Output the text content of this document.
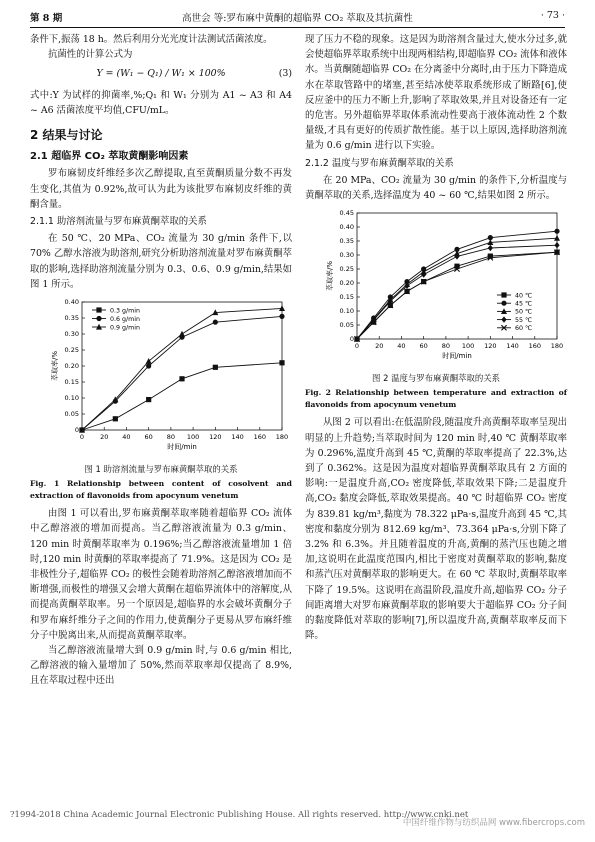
第 8 期	高世会 等:罗布麻中黄酮的超临界 CO₂ 萃取及其抗菌性	· 73 ·

条件下,振荡 18 h。然后利用分光光度计法测试活菌浓度。

抗菌性的计算公式为

Y = (W₁ − Q₁) / W₁ × 100%	(3)

式中:Y 为试样的抑菌率,%;Q₁ 和 W₁ 分别为 A1 ~ A3 和 A4 ~ A6 活菌浓度平均值,CFU/mL。

2 结果与讨论
2.1 超临界 CO₂ 萃取黄酮影响因素

罗布麻韧皮纤维经多次乙醇提取,直至黄酮质量分数不再发生变化,其值为 0.92%,故可认为此为该批罗布麻韧皮纤维的黄酮含量。

2.1.1 助溶剂流量与罗布麻黄酮萃取的关系

在 50 ℃、20 MPa、CO₂ 流量为 30 g/min 条件下,以 70% 乙醇水溶液为助溶剂,研究分析助溶剂流量对罗布麻黄酮萃取的影响,选择助溶剂流量分别为 0.3、0.6、0.9 g/min,结果如图 1 所示。

0 20 40 60 80 100 120 140 160 180
0
0.05
0.10
0.15
0.20
0.25
0.30
0.35
0.40
时间/min
萃取率/%
0.3 g/min
0.6 g/min
0.9 g/min
图 1 助溶剂流量与罗布麻黄酮萃取的关系
Fig. 1 Relationship between content of cosolvent and extraction of flavonoids from apocynum venetum

由图 1 可以看出,罗布麻黄酮萃取率随着超临界 CO₂ 流体中乙醇溶液的增加而提高。当乙醇溶液流量为 0.3 g/min、120 min 时黄酮萃取率为 0.196%;当乙醇溶液流量增加 1 倍时,120 min 时黄酮的萃取率提高了 71.9%。这是因为 CO₂ 是非极性分子,超临界 CO₂ 的极性会随着助溶剂乙醇溶液增加而不断增强,而极性的增强又会增大黄酮在超临界流体中的溶解度,从而提高黄酮萃取率。另一个原因是,超临界的水会破坏黄酮分子和罗布麻纤维分子之间的作用力,使黄酮分子更易从罗布麻纤维分子中脱离出来,从而提高黄酮萃取率。

当乙醇溶液流量增大到 0.9 g/min 时,与 0.6 g/min 相比,乙醇溶液的输入量增加了 50%,然而萃取率却仅提高了 8.9%,且在萃取过程中还出

现了压力不稳的现象。这是因为助溶剂含量过大,使水分过多,就会使超临界萃取系统中出现两相结构,即超临界 CO₂ 流体和液体水。当黄酮随超临界 CO₂ 在分离釜中分离时,由于压力下降造成水在萃取管路中的堵塞,甚至结冰使萃取系统形成了断路[6],使反应釜中的压力不断上升,影响了萃取效果,并且对设备还有一定的危害。另外超临界萃取体系流动性要高于液体流动性 2 个数量级,才具有更好的传质扩散性能。基于以上原因,选择助溶剂流量为 0.6 g/min 进行以下实验。

2.1.2 温度与罗布麻黄酮萃取的关系

在 20 MPa、CO₂ 流量为 30 g/min 的条件下,分析温度与黄酮萃取的关系,选择温度为 40 ~ 60 ℃,结果如图 2 所示。

0 20 40 60 80 100 120 140 160 180
0
0.05
0.10
0.15
0.20
0.25
0.30
0.35
0.40
0.45
时间/min
萃取率/%
40 ℃
45 ℃
50 ℃
55 ℃
60 ℃
图 2 温度与罗布麻黄酮萃取的关系
Fig. 2 Relationship between temperature and extraction of flavonoids from apocynum venetum

从图 2 可以看出:在低温阶段,随温度升高黄酮萃取率呈现出明显的上升趋势;当萃取时间为 120 min 时,40 ℃ 黄酮萃取率为 0.296%,温度升高到 45 ℃,黄酮的萃取率提高了 22.3%,达到了 0.362%。这是因为温度对超临界黄酮萃取具有 2 方面的影响:一是温度升高,CO₂ 密度降低,萃取效果下降;二是温度升高,CO₂ 黏度会降低,萃取效果提高。40 ℃ 时超临界 CO₂ 密度为 839.81 kg/m³,黏度为 78.322 μPa·s,温度升高到 45 ℃,其密度和黏度分别为 812.69 kg/m³、73.364 μPa·s,分别下降了 3.2% 和 6.3%。并且随着温度的升高,黄酮的蒸汽压也随之增加,这说明在此温度范围内,相比于密度对黄酮萃取的影响,黏度和蒸汽压对黄酮萃取的影响更大。在 60 ℃ 萃取时,黄酮萃取率下降了 19.5%。这说明在高温阶段,温度升高,超临界 CO₂ 分子间距离增大对罗布麻黄酮萃取的影响要大于超临界 CO₂ 分子间的黏度降低对萃取的影响[7],所以温度升高,黄酮萃取率反而下降。

?1994-2018 China Academic Journal Electronic Publishing House. All rights reserved. http://www.cnki.net
中国纤维作物与纺织品网 www.fibercrops.com
